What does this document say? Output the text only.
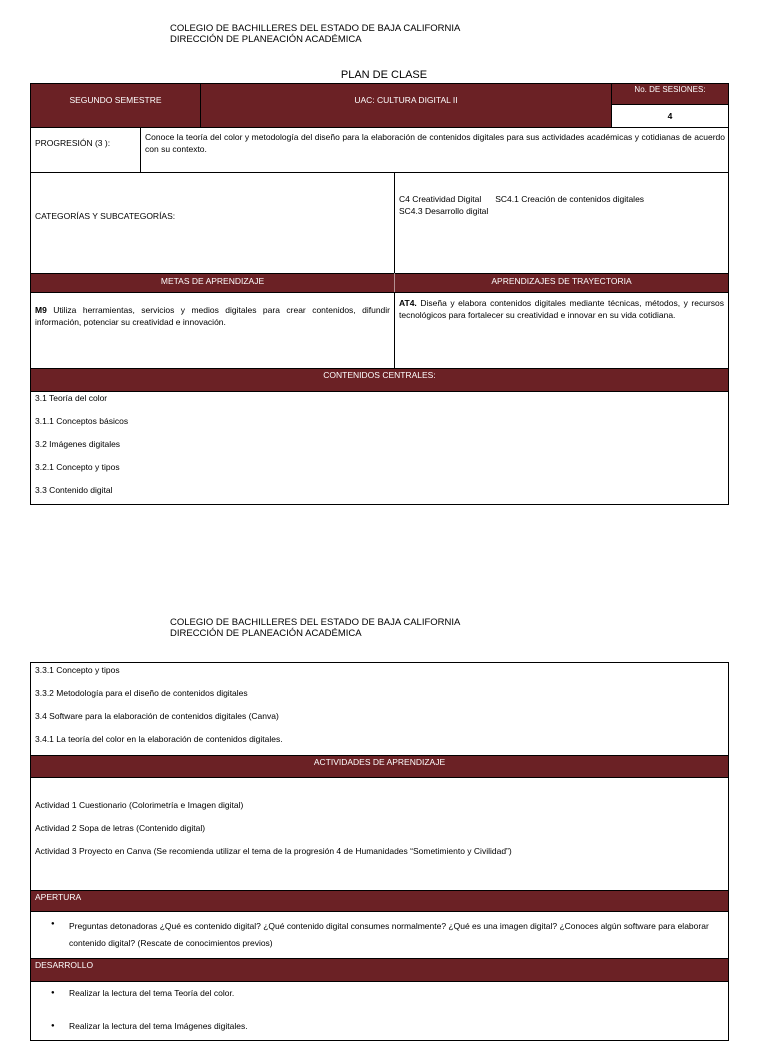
COLEGIO DE BACHILLERES DEL ESTADO DE BAJA CALIFORNIA
DIRECCIÓN DE PLANEACIÓN ACADÉMICA
PLAN DE CLASE
SEGUNDO SEMESTRE	UAC: CULTURA DIGITAL II
No. DE SESIONES:
4
PROGRESIÓN (3 ):
Conoce la teoría del color y metodología del diseño para la elaboración de contenidos digitales para sus actividades académicas y cotidianas de acuerdo con su contexto.
CATEGORÍAS Y SUBCATEGORÍAS:
C4 Creatividad Digital SC4.1 Creación de contenidos digitales
SC4.3 Desarrollo digital
METAS DE APRENDIZAJE	APRENDIZAJES DE TRAYECTORIA
M9 Utiliza herramientas, servicios y medios digitales para crear contenidos, difundir información, potenciar su creatividad e innovación.
AT4. Diseña y elabora contenidos digitales mediante técnicas, métodos, y recursos tecnológicos para fortalecer su creatividad e innovar en su vida cotidiana.
CONTENIDOS CENTRALES:
3.1 Teoría del color
3.1.1 Conceptos básicos
3.2 Imágenes digitales
3.2.1 Concepto y tipos
3.3 Contenido digital
COLEGIO DE BACHILLERES DEL ESTADO DE BAJA CALIFORNIA
DIRECCIÓN DE PLANEACIÓN ACADÉMICA
3.3.1 Concepto y tipos
3.3.2 Metodología para el diseño de contenidos digitales
3.4 Software para la elaboración de contenidos digitales (Canva)
3.4.1 La teoría del color en la elaboración de contenidos digitales.
ACTIVIDADES DE APRENDIZAJE
Actividad 1 Cuestionario (Colorimetría e Imagen digital)
Actividad 2 Sopa de letras (Contenido digital)
Actividad 3 Proyecto en Canva (Se recomienda utilizar el tema de la progresión 4 de Humanidades “Sometimiento y Civilidad”)
APERTURA
● Preguntas detonadoras ¿Qué es contenido digital? ¿Qué contenido digital consumes normalmente? ¿Qué es una imagen digital? ¿Conoces algún software para elaborar contenido digital? (Rescate de conocimientos previos)
DESARROLLO
● Realizar la lectura del tema Teoría del color.
● Realizar la lectura del tema Imágenes digitales.
